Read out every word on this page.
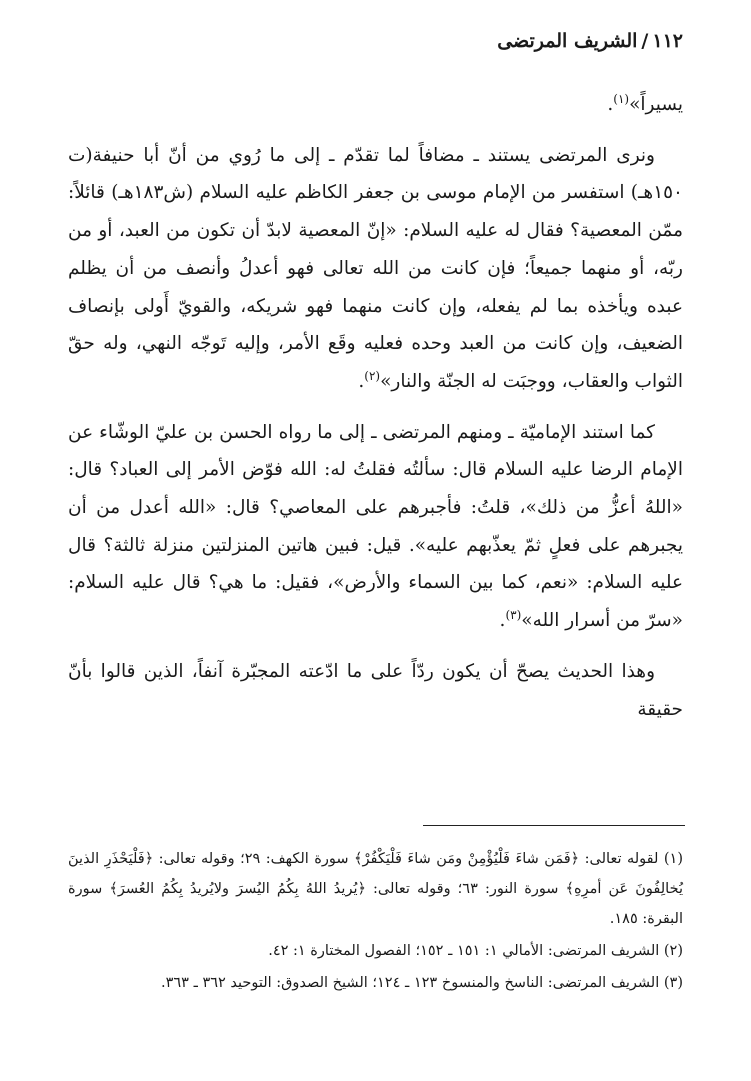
١١٢/الشريف المرتضى

يسيراً»$^{(١)}$.

ونرى المرتضى يستند ـ مضافاً لما تقدّم ـ إلى ما رُوي من أنّ أبا حنيفة(ت ١٥٠هـ) استفسر من الإمام موسى بن جعفر الكاظم عليه السلام (ش١٨٣هـ) قائلاً: ممّن المعصية؟ فقال له عليه السلام: «إنّ المعصية لابدّ أن تكون من العبد، أو من ربّه، أو منهما جميعاً؛ فإن كانت من الله تعالى فهو أعدلُ وأنصف من أن يظلم عبده ويأخذه بما لم يفعله، وإن كانت منهما فهو شريكه، والقويّ أَولى بإنصاف الضعيف، وإن كانت من العبد وحده فعليه وقَع الأمر، وإليه تَوجّه النهي، وله حقّ الثواب والعقاب، ووجبَت له الجنّة والنار»$^{(٢)}$.

كما استند الإماميّة ـ ومنهم المرتضى ـ إلى ما رواه الحسن بن عليّ الوشّاء عن الإمام الرضا عليه السلام قال: سألتُه فقلتُ له: الله فوّض الأمر إلى العباد؟ قال: «اللهُ أعزُّ من ذلك»، قلتُ: فأجبرهم على المعاصي؟ قال: «الله أعدل من أن يجبرهم على فعلٍ ثمّ يعذّبهم عليه». قيل: فبين هاتين المنزلتين منزلة ثالثة؟ قال عليه السلام: «نعم، كما بين السماء والأرض»، فقيل: ما هي؟ قال عليه السلام: «سرّ من أسرار الله»$^{(٣)}$.

وهذا الحديث يصحّ أن يكون ردّاً على ما ادّعته المجبّرة آنفاً، الذين قالوا بأنّ حقيقة

(١) لقوله تعالى: ﴿فَمَن شاءَ فَلْيُؤْمِنْ ومَن شاءَ فَلْيَكْفُرْ﴾ سورة الكهف: ٢٩؛ وقوله تعالى: ﴿فَلْيَحْذَرِ الذينَ يُخالِفُونَ عَن أمرِهِ﴾ سورة النور: ٦٣؛ وقوله تعالى: ﴿يُريدُ اللهُ بِكُمُ اليُسرَ ولايُريدُ بِكُمُ العُسرَ﴾ سورة البقرة: ١٨٥.

(٢) الشريف المرتضى: الأمالي ١: ١٥١ ـ ١٥٢؛ الفصول المختارة ١: ٤٢.

(٣) الشريف المرتضى: الناسخ والمنسوخ ١٢٣ ـ ١٢٤؛ الشيخ الصدوق: التوحيد ٣٦٢ ـ ٣٦٣.
